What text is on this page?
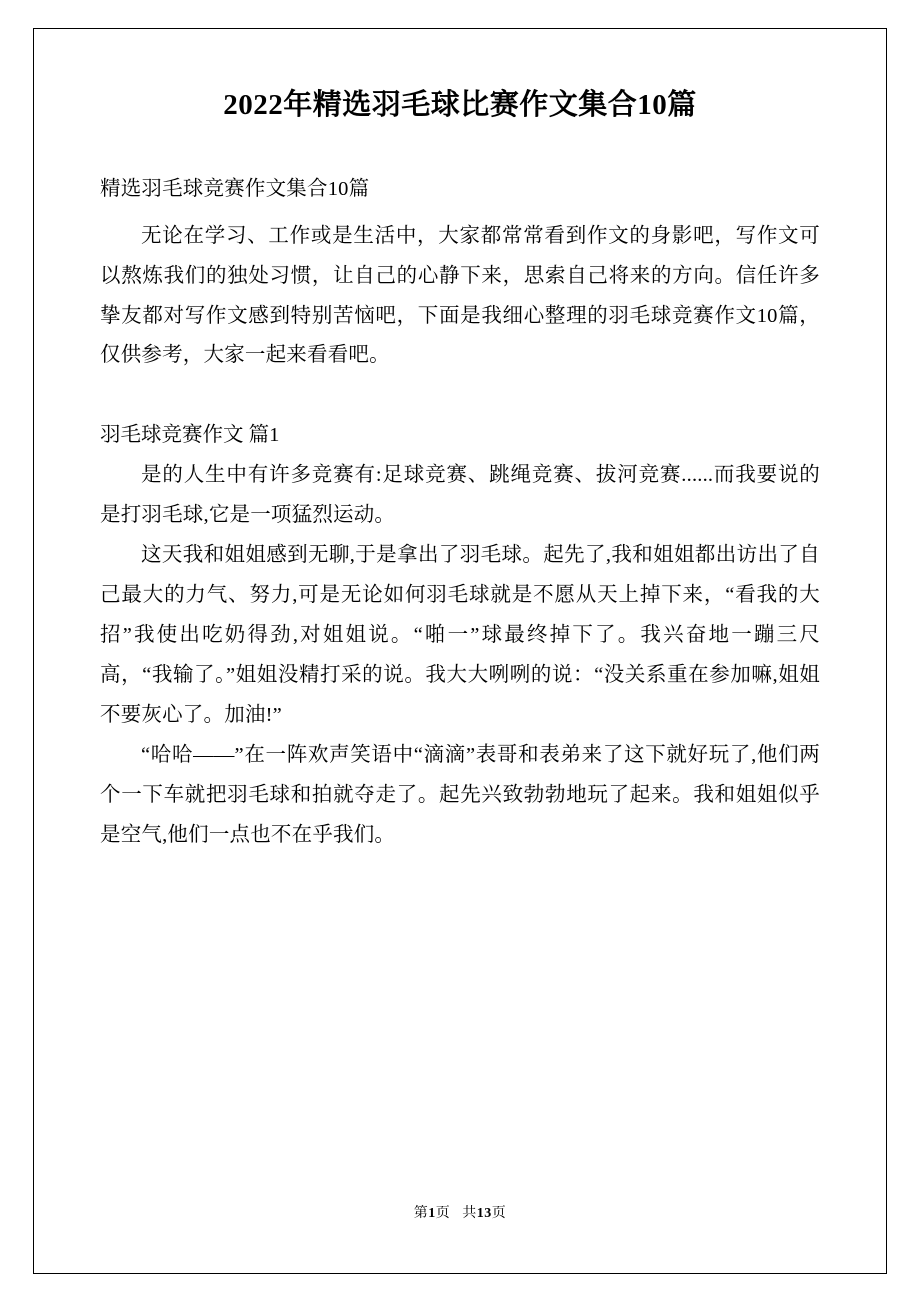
2022年精选羽毛球比赛作文集合10篇

精选羽毛球竞赛作文集合10篇

无论在学习、工作或是生活中，大家都常常看到作文的身影吧，写作文可以熬炼我们的独处习惯，让自己的心静下来，思索自己将来的方向。信任许多挚友都对写作文感到特别苦恼吧，下面是我细心整理的羽毛球竞赛作文10篇，仅供参考，大家一起来看看吧。

羽毛球竞赛作文 篇1

是的人生中有许多竞赛有:足球竞赛、跳绳竞赛、拔河竞赛......而我要说的是打羽毛球,它是一项猛烈运动。

这天我和姐姐感到无聊,于是拿出了羽毛球。起先了,我和姐姐都出访出了自己最大的力气、努力,可是无论如何羽毛球就是不愿从天上掉下来，“看我的大招”我使出吃奶得劲,对姐姐说。“啪一”球最终掉下了。我兴奋地一蹦三尺高，“我输了。”姐姐没精打采的说。我大大咧咧的说：“没关系重在参加嘛,姐姐不要灰心了。加油!”

“哈哈——”在一阵欢声笑语中“滴滴”表哥和表弟来了这下就好玩了,他们两个一下车就把羽毛球和拍就夺走了。起先兴致勃勃地玩了起来。我和姐姐似乎是空气,他们一点也不在乎我们。

第1页 共13页
